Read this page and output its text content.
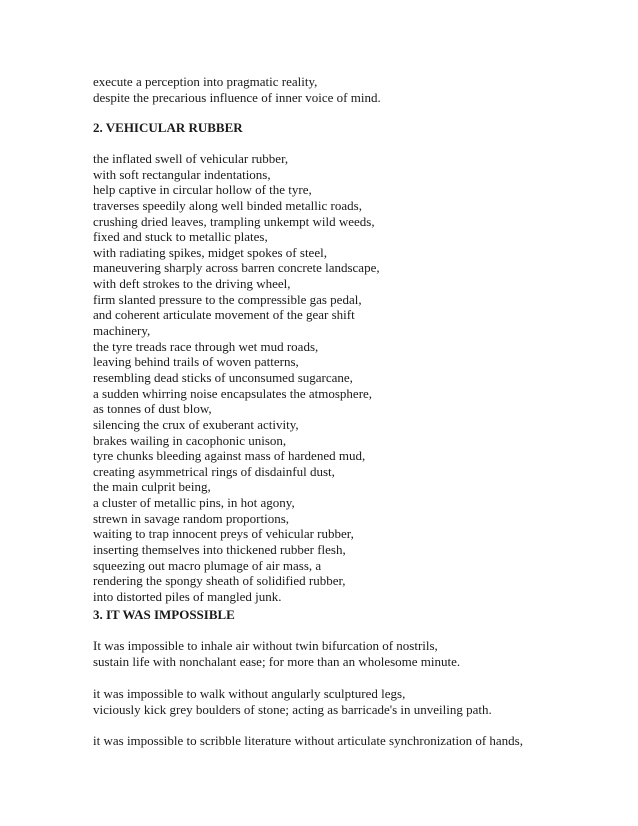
execute a perception into pragmatic reality,
despite the precarious influence of inner voice of mind.
2. VEHICULAR RUBBER
the inflated swell of vehicular rubber,
with soft rectangular indentations,
help captive in circular hollow of the tyre,
traverses speedily along well binded metallic roads,
crushing dried leaves, trampling unkempt wild weeds,
fixed and stuck to metallic plates,
with radiating spikes, midget spokes of steel,
maneuvering sharply across barren concrete landscape,
with deft strokes to the driving wheel,
firm slanted pressure to the compressible gas pedal,
and coherent articulate movement of the gear shift
machinery,
the tyre treads race through wet mud roads,
leaving behind trails of woven patterns,
resembling dead sticks of unconsumed sugarcane,
a sudden whirring noise encapsulates the atmosphere,
as tonnes of dust blow,
silencing the crux of exuberant activity,
brakes wailing in cacophonic unison,
tyre chunks bleeding against mass of hardened mud,
creating asymmetrical rings of disdainful dust,
the main culprit being,
a cluster of metallic pins, in hot agony,
strewn in savage random proportions,
waiting to trap innocent preys of vehicular rubber,
inserting themselves into thickened rubber flesh,
squeezing out macro plumage of air mass, a
rendering the spongy sheath of solidified rubber,
into distorted piles of mangled junk.
3. IT WAS IMPOSSIBLE
It was impossible to inhale air without twin bifurcation of nostrils,
sustain life with nonchalant ease; for more than an wholesome minute.
it was impossible to walk without angularly sculptured legs,
viciously kick grey boulders of stone; acting as barricade's in unveiling path.
it was impossible to scribble literature without articulate synchronization of hands,
